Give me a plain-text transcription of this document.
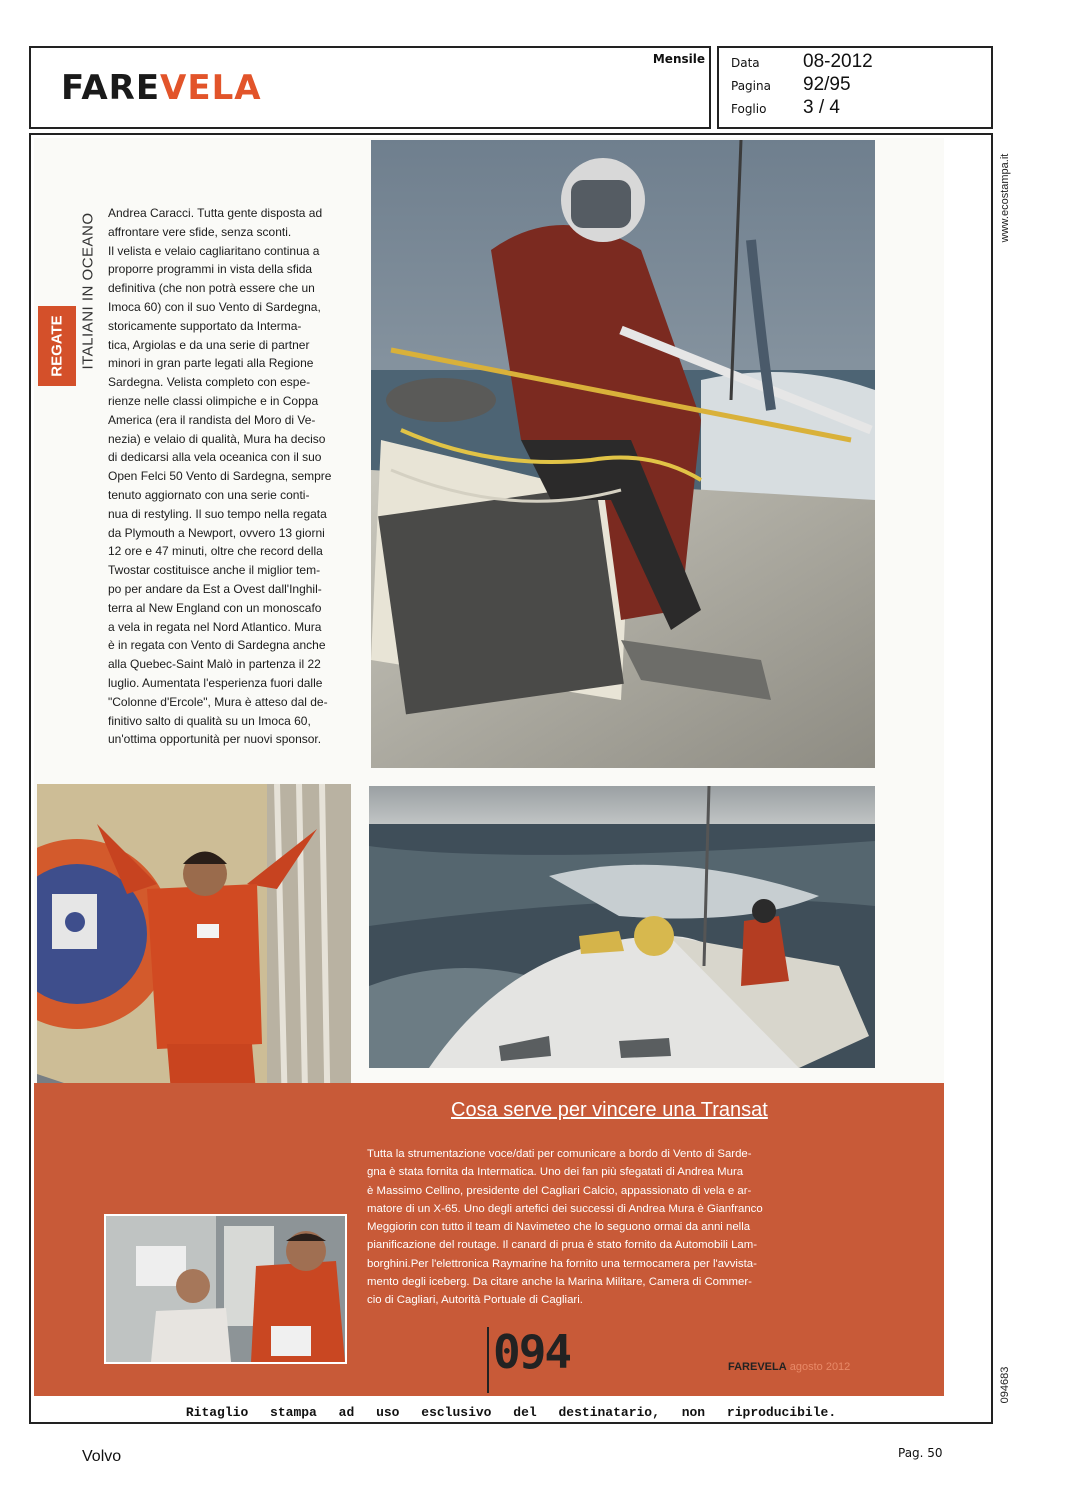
FAREVELA
Mensile Data 08-2012
Pagina 92/95
Foglio 3 / 4
REGATE ITALIANI IN OCEANO Andrea Caracci. Tutta gente disposta ad

affrontare vere sfide, senza sconti.

Il velista e velaio cagliaritano continua a

proporre programmi in vista della sfida

definitiva (che non potrà essere che un

Imoca 60) con il suo Vento di Sardegna,

storicamente supportato da Interma-

tica, Argiolas e da una serie di partner

minori in gran parte legati alla Regione

Sardegna. Velista completo con espe-

rienze nelle classi olimpiche e in Coppa

America (era il randista del Moro di Ve-

nezia) e velaio di qualità, Mura ha deciso

di dedicarsi alla vela oceanica con il suo

Open Felci 50 Vento di Sardegna, sempre

tenuto aggiornato con una serie conti-

nua di restyling. Il suo tempo nella regata

da Plymouth a Newport, ovvero 13 giorni

12 ore e 47 minuti, oltre che record della

Twostar costituisce anche il miglior tem-

po per andare da Est a Ovest dall'Inghil-

terra al New England con un monoscafo

a vela in regata nel Nord Atlantico. Mura

è in regata con Vento di Sardegna anche

alla Quebec-Saint Malò in partenza il 22

luglio. Aumentata l'esperienza fuori dalle

"Colonne d'Ercole", Mura è atteso dal de-

finitivo salto di qualità su un Imoca 60,

un'ottima opportunità per nuovi sponsor.

Cosa serve per vincere una Transat
Tutta la strumentazione voce/dati per comunicare a bordo di Vento di Sarde-
gna è stata fornita da Intermatica. Uno dei fan più sfegatati di Andrea Mura
è Massimo Cellino, presidente del Cagliari Calcio, appassionato di vela e ar-
matore di un X-65. Uno degli artefici dei successi di Andrea Mura è Gianfranco
Meggiorin con tutto il team di Navimeteo che lo seguono ormai da anni nella
pianificazione del routage. Il canard di prua è stato fornito da Automobili Lam-
borghini.Per l'elettronica Raymarine ha fornito una termocamera per l'avvista-
mento degli iceberg. Da citare anche la Marina Militare, Camera di Commer-
cio di Cagliari, Autorità Portuale di Cagliari.
094	FAREVELA agosto 2012
www.ecostampa.it
094683
Ritaglio stampa ad uso esclusivo del destinatario, non riproducibile.
Volvo	Pag. 50
